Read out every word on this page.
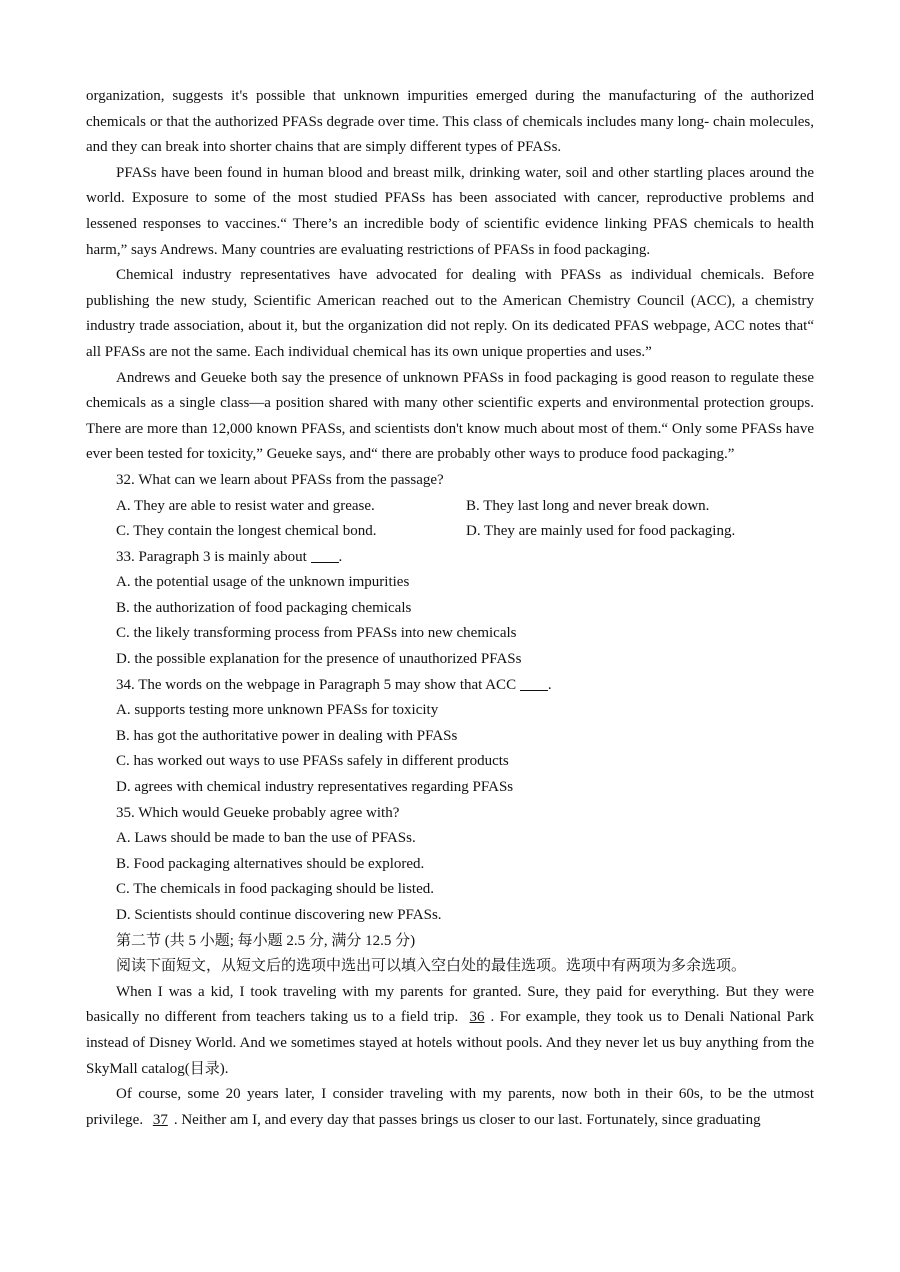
organization, suggests it's possible that unknown impurities emerged during the manufacturing of the authorized chemicals or that the authorized PFASs degrade over time. This class of chemicals includes many long- chain molecules, and they can break into shorter chains that are simply different types of PFASs.

PFASs have been found in human blood and breast milk, drinking water, soil and other startling places around the world. Exposure to some of the most studied PFASs has been associated with cancer, reproductive problems and lessened responses to vaccines.“ There’s an incredible body of scientific evidence linking PFAS chemicals to health harm,” says Andrews. Many countries are evaluating restrictions of PFASs in food packaging.

Chemical industry representatives have advocated for dealing with PFASs as individual chemicals. Before publishing the new study, Scientific American reached out to the American Chemistry Council (ACC), a chemistry industry trade association, about it, but the organization did not reply. On its dedicated PFAS webpage, ACC notes that“ all PFASs are not the same. Each individual chemical has its own unique properties and uses.”

Andrews and Geueke both say the presence of unknown PFASs in food packaging is good reason to regulate these chemicals as a single class—a position shared with many other scientific experts and environmental protection groups. There are more than 12,000 known PFASs, and scientists don't know much about most of them.“ Only some PFASs have ever been tested for toxicity,” Geueke says, and“ there are probably other ways to produce food packaging.”

32. What can we learn about PFASs from the passage?
A. They are able to resist water and grease.	B. They last long and never break down.
C. They contain the longest chemical bond.	D. They are mainly used for food packaging.
33. Paragraph 3 is mainly about .
A. the potential usage of the unknown impurities
B. the authorization of food packaging chemicals
C. the likely transforming process from PFASs into new chemicals
D. the possible explanation for the presence of unauthorized PFASs
34. The words on the webpage in Paragraph 5 may show that ACC .
A. supports testing more unknown PFASs for toxicity
B. has got the authoritative power in dealing with PFASs
C. has worked out ways to use PFASs safely in different products
D. agrees with chemical industry representatives regarding PFASs
35. Which would Geueke probably agree with?
A. Laws should be made to ban the use of PFASs.
B. Food packaging alternatives should be explored.
C. The chemicals in food packaging should be listed.
D. Scientists should continue discovering new PFASs.
第二节 (共 5 小题; 每小题 2.5 分, 满分 12.5 分)
阅读下面短文，从短文后的选项中选出可以填入空白处的最佳选项。选项中有两项为多余选项。

When I was a kid, I took traveling with my parents for granted. Sure, they paid for everything. But they were basically no different from teachers taking us to a field trip. 36 . For example, they took us to Denali National Park instead of Disney World. And we sometimes stayed at hotels without pools. And they never let us buy anything from the SkyMall catalog(目录).

Of course, some 20 years later, I consider traveling with my parents, now both in their 60s, to be the utmost privilege. 37 . Neither am I, and every day that passes brings us closer to our last. Fortunately, since graduating
